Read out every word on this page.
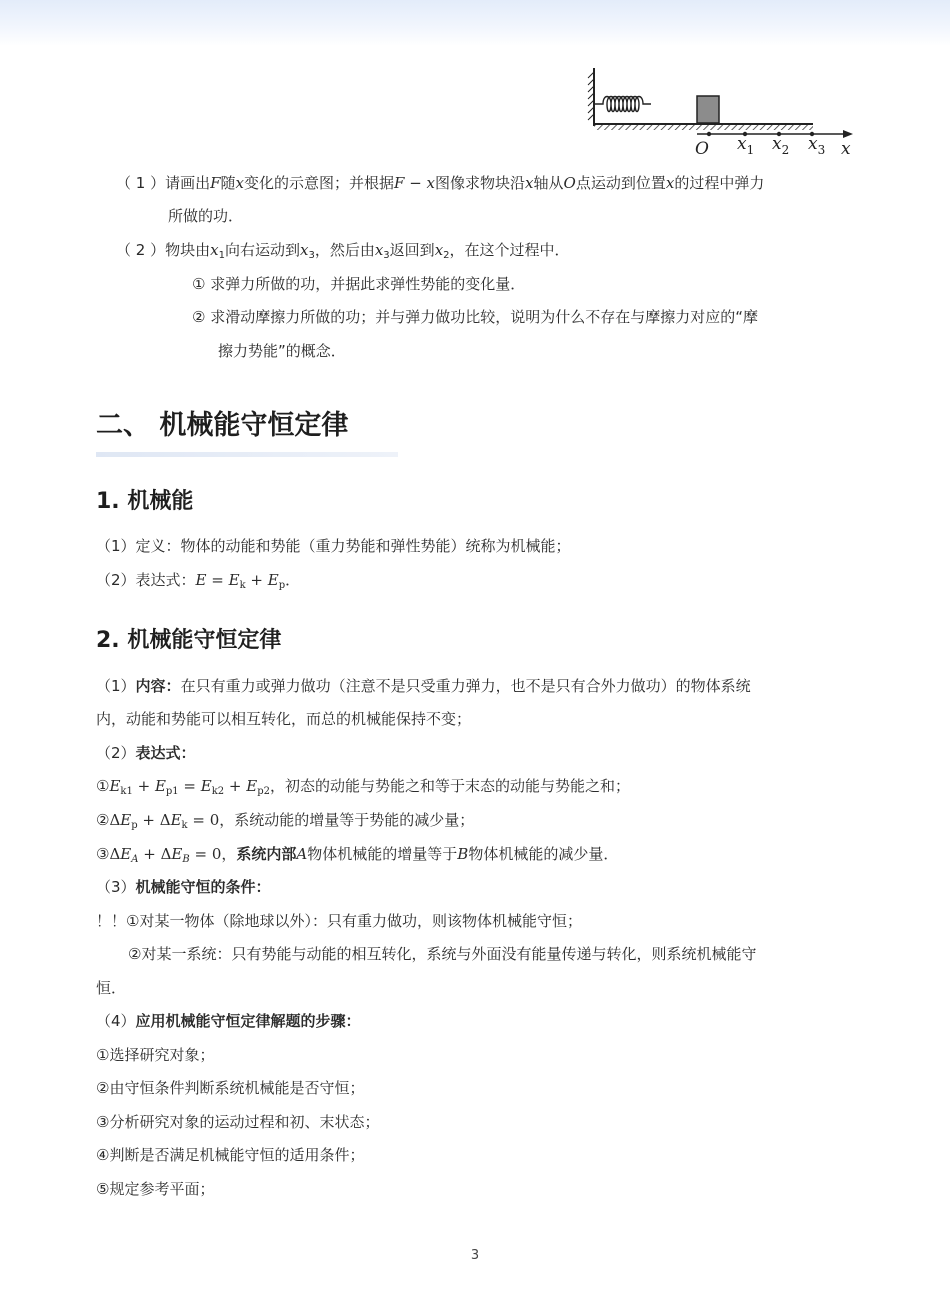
O $x_1$ $x_2$ $x_3$ x
（ 1 ）请画出F随x变化的示意图；并根据F − x图像求物块沿x轴从O点运动到位置x的过程中弹力
所做的功．
（ 2 ）物块由$x_1$向右运动到$x_3$，然后由$x_3$返回到$x_2$，在这个过程中．
① 求弹力所做的功，并据此求弹性势能的变化量．
② 求滑动摩擦力所做的功；并与弹力做功比较，说明为什么不存在与摩擦力对应的“摩
擦力势能”的概念．
二、 机械能守恒定律
1. 机械能
（1）定义：物体的动能和势能（重力势能和弹性势能）统称为机械能；
（2）表达式：$E = E_k + E_p$．
2. 机械能守恒定律
（1）内容：在只有重力或弹力做功（注意不是只受重力弹力，也不是只有合外力做功）的物体系统
内，动能和势能可以相互转化，而总的机械能保持不变；
（2）表达式：
$①E_{k1} + E_{p1} = E_{k2} + E_{p2}$，初态的动能与势能之和等于末态的动能与势能之和；
$②\Delta E_p + \Delta E_k = 0$，系统动能的增量等于势能的减少量；
$③\Delta E_A + \Delta E_B = 0$，系统内部A物体机械能的增量等于B物体机械能的减少量．
（3）机械能守恒的条件：
！！①对某一物体（除地球以外）：只有重力做功，则该物体机械能守恒；
②对某一系统：只有势能与动能的相互转化，系统与外面没有能量传递与转化，则系统机械能守
恒．
（4）应用机械能守恒定律解题的步骤：
①选择研究对象；
②由守恒条件判断系统机械能是否守恒；
③分析研究对象的运动过程和初、末状态；
④判断是否满足机械能守恒的适用条件；
⑤规定参考平面；
3
